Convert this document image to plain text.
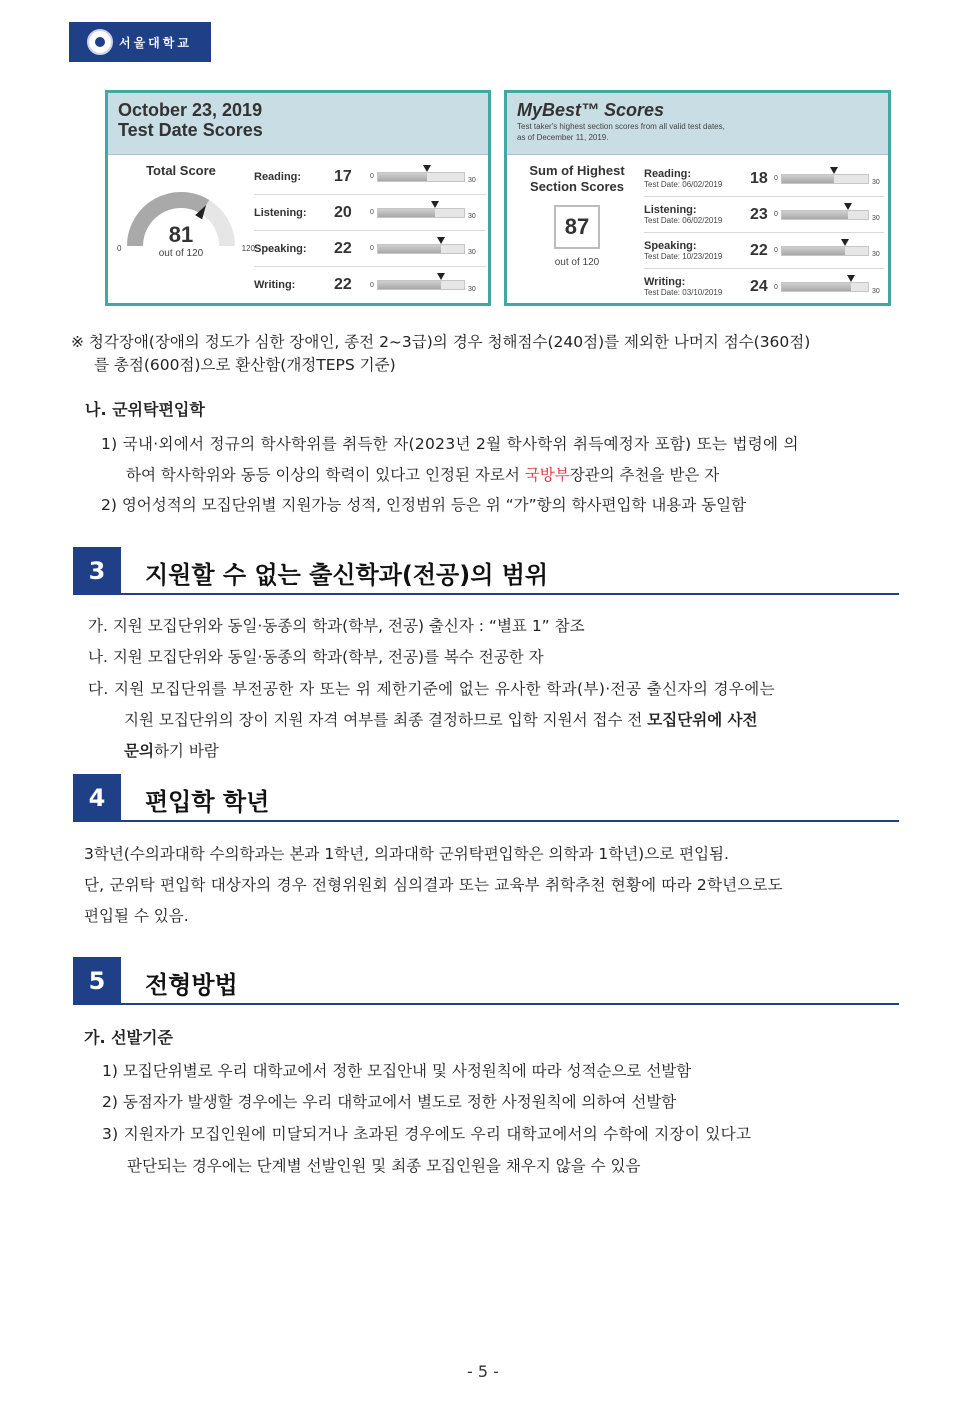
서울대학교
October 23, 2019
Test Date Scores
Total Score
81
out of 120
0	120
Reading:	17	0
30
Listening:	20	0
30
Speaking:	22	0
30
Writing:	22	0
30
MyBest™ Scores
Test taker's highest section scores from all valid test dates,
as of December 11, 2019.
Sum of Highest
Section Scores
87
out of 120
Reading:
Test Date: 06/02/2019	18 0
30
Listening:
Test Date: 06/02/2019	23 0
30
Speaking:
Test Date: 10/23/2019	22 0
30
Writing:
Test Date: 03/10/2019	24 0
30
※ 청각장애(장애의 정도가 심한 장애인, 종전 2~3급)의 경우 청해점수(240점)를 제외한 나머지 점수(360점)
를 총점(600점)으로 환산함(개정TEPS 기준)
나. 군위탁편입학
1) 국내·외에서 정규의 학사학위를 취득한 자(2023년 2월 학사학위 취득예정자 포함) 또는 법령에 의
하여 학사학위와 동등 이상의 학력이 있다고 인정된 자로서 국방부장관의 추천을 받은 자
2) 영어성적의 모집단위별 지원가능 성적, 인정범위 등은 위 “가”항의 학사편입학 내용과 동일함
3	지원할 수 없는 출신학과(전공)의 범위
가. 지원 모집단위와 동일·동종의 학과(학부, 전공) 출신자 : “별표 1” 참조
나. 지원 모집단위와 동일·동종의 학과(학부, 전공)를 복수 전공한 자
다. 지원 모집단위를 부전공한 자 또는 위 제한기준에 없는 유사한 학과(부)·전공 출신자의 경우에는
지원 모집단위의 장이 지원 자격 여부를 최종 결정하므로 입학 지원서 접수 전 모집단위에 사전
문의하기 바람
4	편입학 학년
3학년(수의과대학 수의학과는 본과 1학년, 의과대학 군위탁편입학은 의학과 1학년)으로 편입됨.
단, 군위탁 편입학 대상자의 경우 전형위원회 심의결과 또는 교육부 취학추천 현황에 따라 2학년으로도
편입될 수 있음.
5	전형방법
가. 선발기준
1) 모집단위별로 우리 대학교에서 정한 모집안내 및 사정원칙에 따라 성적순으로 선발함
2) 동점자가 발생할 경우에는 우리 대학교에서 별도로 정한 사정원칙에 의하여 선발함
3) 지원자가 모집인원에 미달되거나 초과된 경우에도 우리 대학교에서의 수학에 지장이 있다고
판단되는 경우에는 단계별 선발인원 및 최종 모집인원을 채우지 않을 수 있음
- 5 -
